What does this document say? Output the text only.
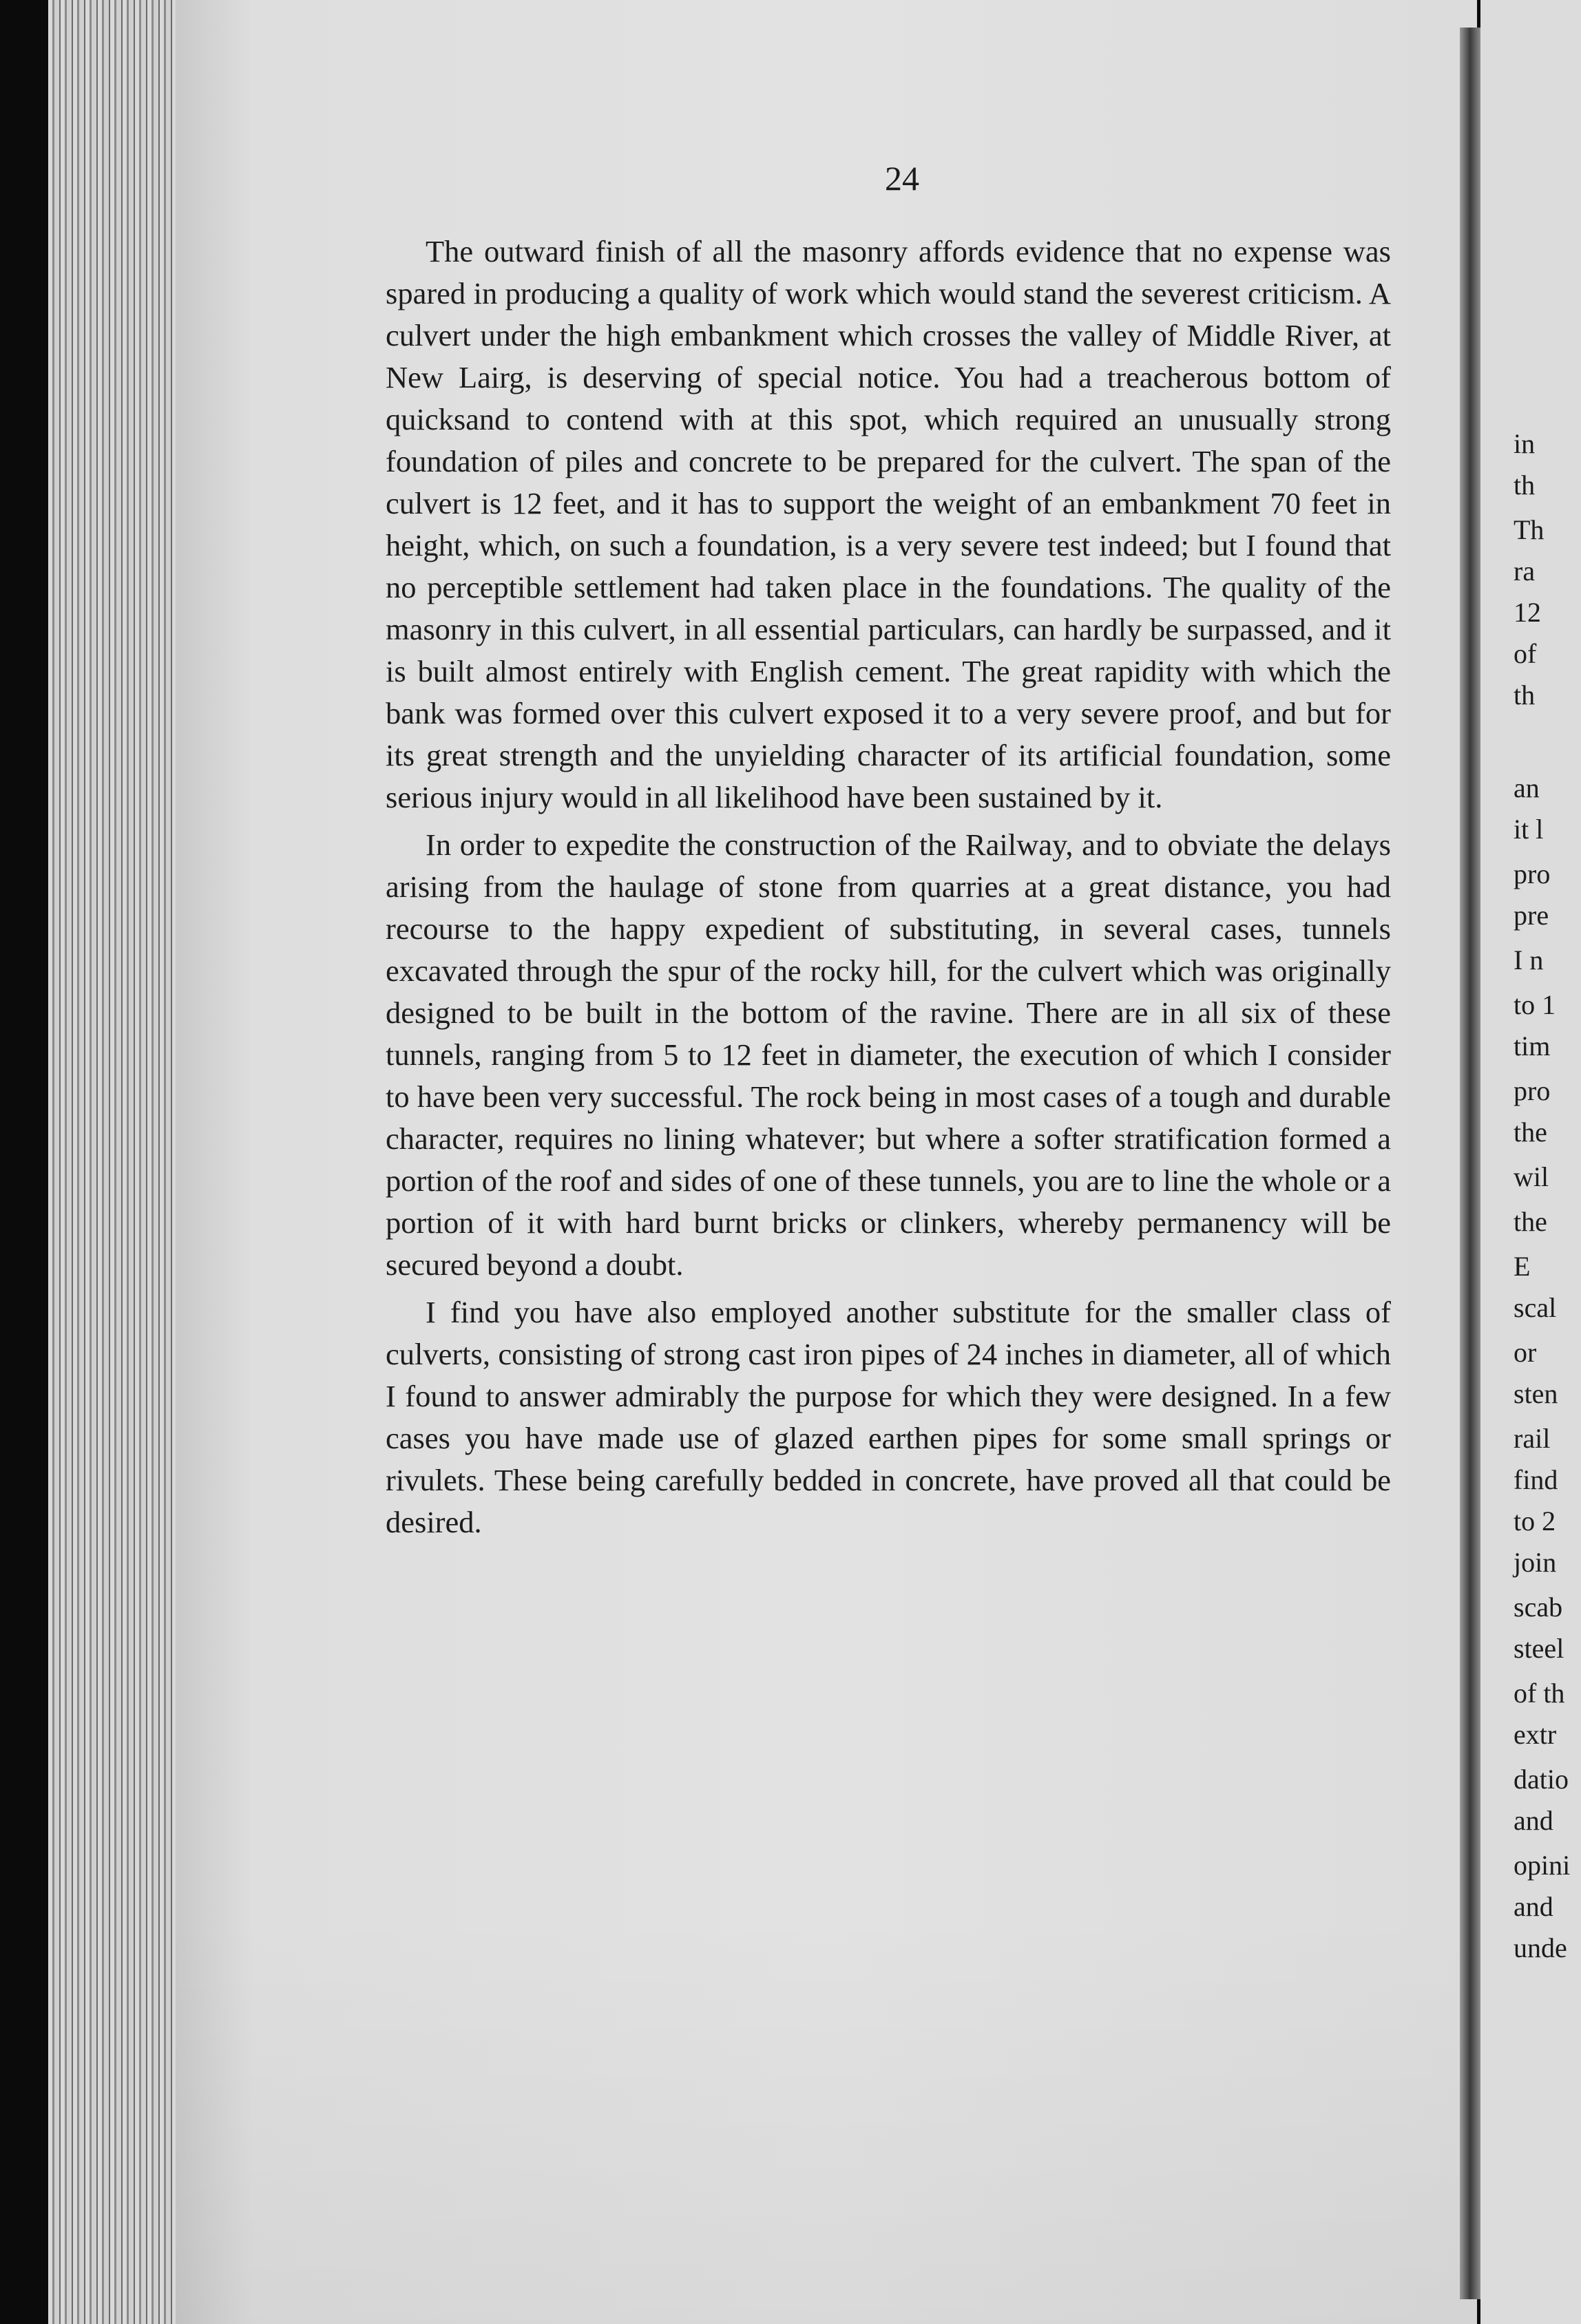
24

The outward finish of all the masonry affords evidence that no expense was spared in producing a quality of work which would stand the severest criticism. A culvert under the high embankment which crosses the valley of Middle River, at New Lairg, is deserving of special notice. You had a treacherous bottom of quicksand to contend with at this spot, which required an unusually strong foundation of piles and concrete to be prepared for the culvert. The span of the culvert is 12 feet, and it has to support the weight of an embankment 70 feet in height, which, on such a foundation, is a very severe test indeed; but I found that no perceptible settlement had taken place in the foundations. The quality of the masonry in this culvert, in all essential particulars, can hardly be surpassed, and it is built almost entirely with English cement. The great rapidity with which the bank was formed over this culvert exposed it to a very severe proof, and but for its great strength and the unyielding character of its artificial foundation, some serious injury would in all likelihood have been sustained by it.

In order to expedite the construction of the Railway, and to obviate the delays arising from the haulage of stone from quarries at a great distance, you had recourse to the happy expedient of substituting, in several cases, tunnels excavated through the spur of the rocky hill, for the culvert which was originally designed to be built in the bottom of the ravine. There are in all six of these tunnels, ranging from 5 to 12 feet in diameter, the execution of which I consider to have been very successful. The rock being in most cases of a tough and durable character, requires no lining whatever; but where a softer stratification formed a portion of the roof and sides of one of these tunnels, you are to line the whole or a portion of it with hard burnt bricks or clinkers, whereby permanency will be secured beyond a doubt.

I find you have also employed another substitute for the smaller class of culverts, consisting of strong cast iron pipes of 24 inches in diameter, all of which I found to answer admirably the purpose for which they were designed. In a few cases you have made use of glazed earthen pipes for some small springs or rivulets. These being carefully bedded in concrete, have proved all that could be desired.

in
th
Th
ra
12
of
th
an
it l
pro
pre
I n
to 1
tim
pro
the
wil
the
E
scal
or
sten
rail
find
to 2
join
scab
steel
of th
extr
datio
and
opini
and
unde
